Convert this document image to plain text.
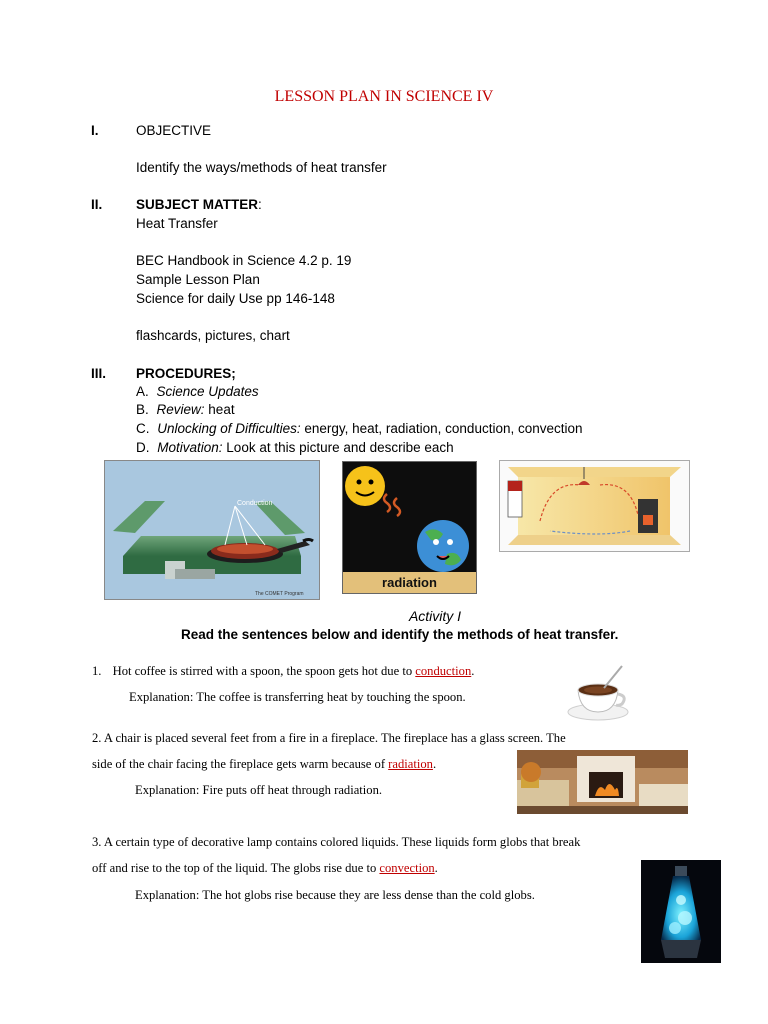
LESSON PLAN IN SCIENCE IV
I.	OBJECTIVE
Identify the ways/methods of heat transfer
II. SUBJECT MATTER:
Heat Transfer
BEC Handbook in Science 4.2 p. 19
Sample Lesson Plan
Science for daily Use pp 146-148
flashcards, pictures, chart
III. PROCEDURES;
A. Science Updates
B. Review: heat
C. Unlocking of Difficulties: energy, heat, radiation, conduction, convection
D. Motivation: Look at this picture and describe each
Conduction
The COMET Program
radiation
Activity I
Read the sentences below and identify the methods of heat transfer.
1. Hot coffee is stirred with a spoon, the spoon gets hot due to conduction.
Explanation: The coffee is transferring heat by touching the spoon.
2. A chair is placed several feet from a fire in a fireplace. The fireplace has a glass screen. The
side of the chair facing the fireplace gets warm because of radiation.
Explanation: Fire puts off heat through radiation.
3. A certain type of decorative lamp contains colored liquids. These liquids form globs that break
off and rise to the top of the liquid. The globs rise due to convection.
Explanation: The hot globs rise because they are less dense than the cold globs.
